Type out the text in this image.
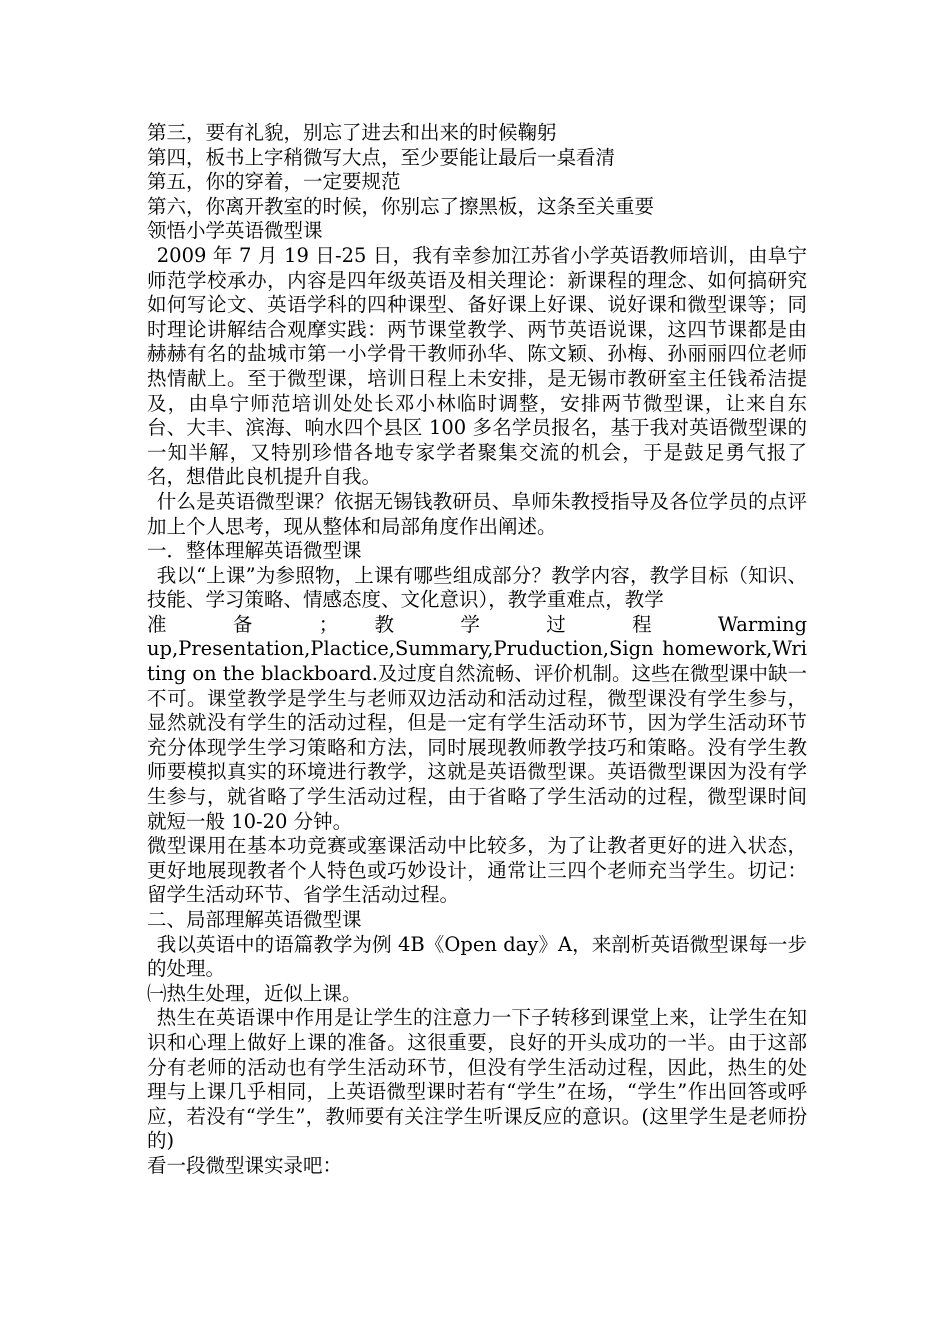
第三，要有礼貌，别忘了进去和出来的时候鞠躬

第四，板书上字稍微写大点，至少要能让最后一桌看清

第五，你的穿着，一定要规范

第六，你离开教室的时候，你别忘了擦黑板，这条至关重要

领悟小学英语微型课

2009 年 7 月 19 日-25 日，我有幸参加江苏省小学英语教师培训，由阜宁师范学校承办，内容是四年级英语及相关理论：新课程的理念、如何搞研究如何写论文、英语学科的四种课型、备好课上好课、说好课和微型课等；同时理论讲解结合观摩实践：两节课堂教学、两节英语说课，这四节课都是由赫赫有名的盐城市第一小学骨干教师孙华、陈文颖、孙梅、孙丽丽四位老师热情献上。至于微型课，培训日程上未安排，是无锡市教研室主任钱希洁提及，由阜宁师范培训处处长邓小林临时调整，安排两节微型课，让来自东台、大丰、滨海、响水四个县区 100 多名学员报名，基于我对英语微型课的一知半解，又特别珍惜各地专家学者聚集交流的机会，于是鼓足勇气报了名，想借此良机提升自我。

什么是英语微型课？依据无锡钱教研员、阜师朱教授指导及各位学员的点评加上个人思考，现从整体和局部角度作出阐述。

一．整体理解英语微型课

我以“上课”为参照物，上课有哪些组成部分？教学内容，教学目标（知识、技能、学习策略、情感态度、文化意识），教学重难点，教学

准 备 ； 教 学 过 程 Warming

up,Presentation,Plactice,Summary,Pruduction,Sign homework,Writing on the blackboard.及过度自然流畅、评价机制。这些在微型课中缺一不可。课堂教学是学生与老师双边活动和活动过程，微型课没有学生参与，显然就没有学生的活动过程，但是一定有学生活动环节，因为学生活动环节充分体现学生学习策略和方法，同时展现教师教学技巧和策略。没有学生教师要模拟真实的环境进行教学，这就是英语微型课。英语微型课因为没有学生参与，就省略了学生活动过程，由于省略了学生活动的过程，微型课时间就短一般 10-20 分钟。

微型课用在基本功竞赛或塞课活动中比较多，为了让教者更好的进入状态，更好地展现教者个人特色或巧妙设计，通常让三四个老师充当学生。切记：留学生活动环节、省学生活动过程。

二、局部理解英语微型课

我以英语中的语篇教学为例 4B《Open day》A，来剖析英语微型课每一步的处理。

㈠热生处理，近似上课。

热生在英语课中作用是让学生的注意力一下子转移到课堂上来，让学生在知识和心理上做好上课的准备。这很重要，良好的开头成功的一半。由于这部分有老师的活动也有学生活动环节，但没有学生活动过程，因此，热生的处理与上课几乎相同，上英语微型课时若有“学生”在场，“学生”作出回答或呼应，若没有“学生”，教师要有关注学生听课反应的意识。(这里学生是老师扮的)

看一段微型课实录吧：
